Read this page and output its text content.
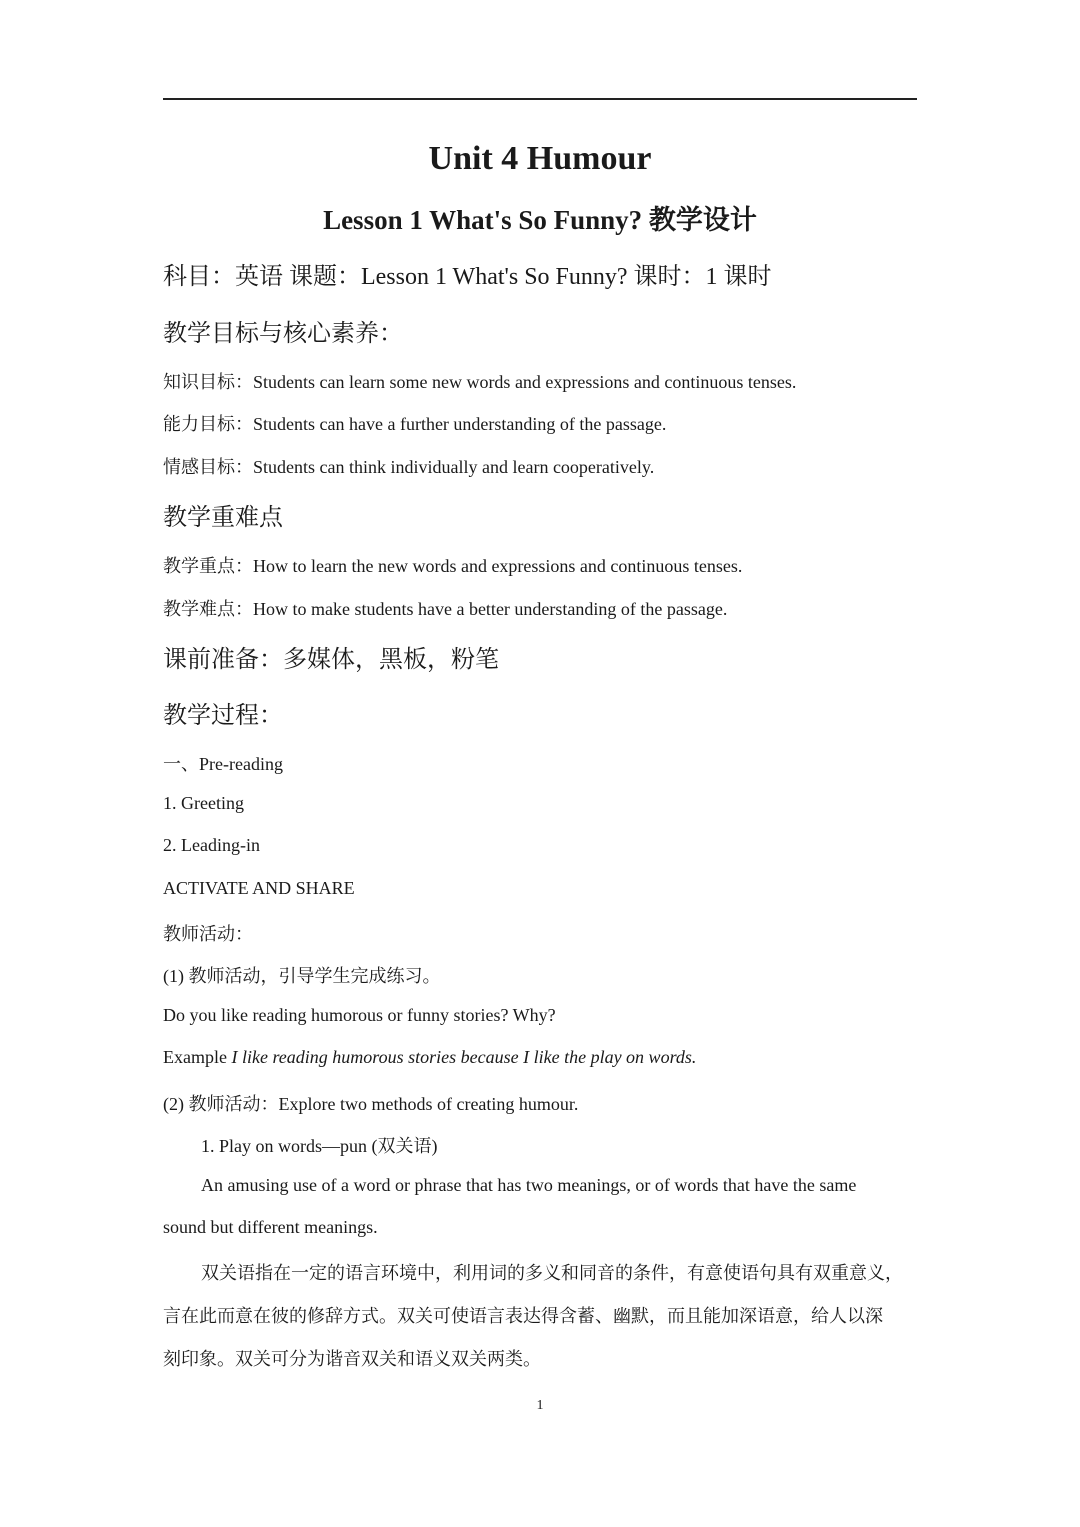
Unit 4 Humour
Lesson 1 What's So Funny? 教学设计
科目：英语 课题：Lesson 1 What's So Funny? 课时：1 课时
教学目标与核心素养：
知识目标：Students can learn some new words and expressions and continuous tenses.
能力目标：Students can have a further understanding of the passage.
情感目标：Students can think individually and learn cooperatively.
教学重难点
教学重点：How to learn the new words and expressions and continuous tenses.
教学难点：How to make students have a better understanding of the passage.
课前准备：多媒体，黑板，粉笔
教学过程：
一、Pre-reading
1. Greeting
2. Leading-in
ACTIVATE AND SHARE
教师活动：
(1) 教师活动，引导学生完成练习。
Do you like reading humorous or funny stories? Why?
Example I like reading humorous stories because I like the play on words.
(2) 教师活动：Explore two methods of creating humour.
1. Play on words—pun (双关语)
An amusing use of a word or phrase that has two meanings, or of words that have the same
sound but different meanings.
双关语指在一定的语言环境中，利用词的多义和同音的条件，有意使语句具有双重意义，
言在此而意在彼的修辞方式。双关可使语言表达得含蓄、幽默，而且能加深语意，给人以深
刻印象。双关可分为谐音双关和语义双关两类。
1
